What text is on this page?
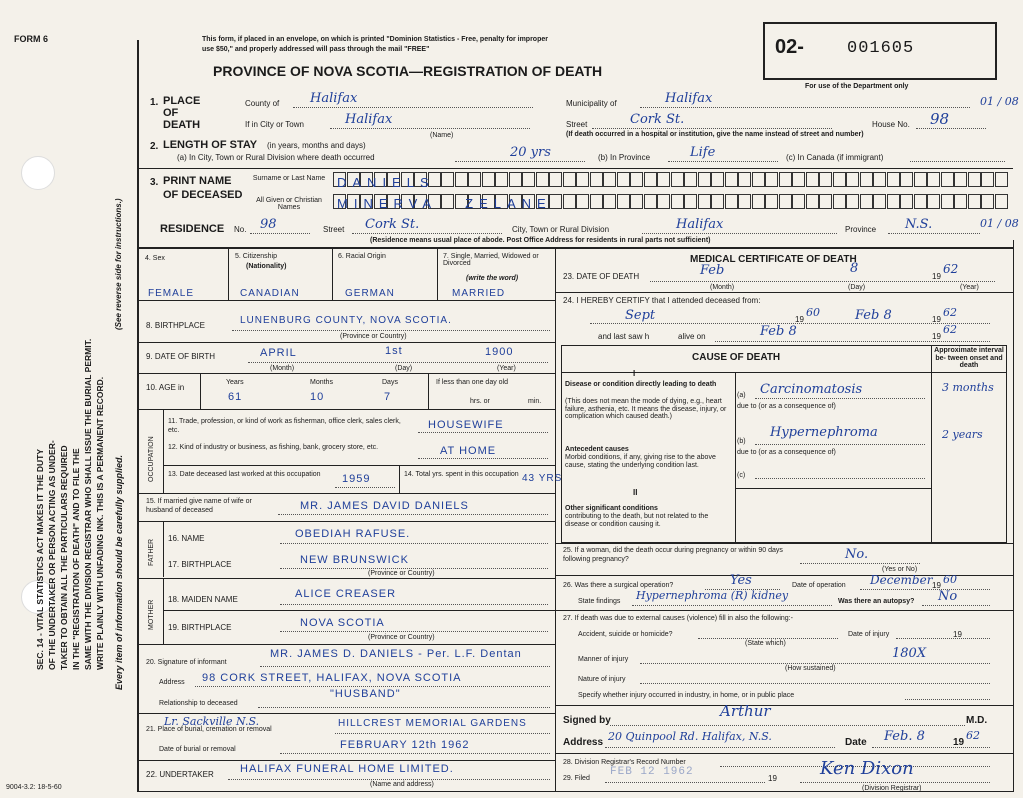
FORM 6
SEC. 14 - VITAL STATISTICS ACT MAKES IT THE DUTY OF THE UNDERTAKER OR PERSON ACTING AS UNDER- TAKER TO OBTAIN ALL THE PARTICULARS REQUIRED IN THE "REGISTRATION OF DEATH" AND TO FILE THE SAME WITH THE DIVISION REGISTRAR WHO SHALL ISSUE THE BURIAL PERMIT. WRITE PLAINLY WITH UNFADING INK. THIS IS A PERMANENT RECORD. Every item of information should be carefully supplied.
(See reverse side for instructions.)
9004-3.2: 18-5-60
This form, if placed in an envelope, on which is printed "Dominion Statistics - Free, penalty for improper
use $50," and properly addressed will pass through the mail "FREE"
PROVINCE OF NOVA SCOTIA—REGISTRATION OF DEATH
02-	001605
For use of the Department only
1. PLACE
OF
DEATH
County of Halifax	Municipality of	Halifax	01 / 08
If in City or Town	Halifax
(Name)
Street	Cork St.	House No. 98
(If death occurred in a hospital or institution, give the name instead of street and number)
2. LENGTH OF STAY (in years, months and days)
(a) In City, Town or Rural Division where death occurred	20 yrs	(b) In Province	Life	(c) In Canada (if immigrant)
3. PRINT NAME
OF DECEASED
Surname or Last Name
All Given or Christian Names
DANIELS
MINERVA   ZELANE
RESIDENCE No. 98	Street Cork St.	City, Town or Rural Division	Halifax	Province N.S.	01 / 08
(Residence means usual place of abode. Post Office Address for residents in rural parts not sufficient)
4. Sex
FEMALE
5. Citizenship
(Nationality)
CANADIAN
6. Racial Origin
GERMAN
7. Single, Married, Widowed or Divorced
(write the word)
MARRIED
8. BIRTHPLACE	LUNENBURG COUNTY, NOVA SCOTIA.
(Province or Country)
9. DATE OF BIRTH	APRIL	1st	1900
(Month)	(Day)	(Year)
10. AGE in
Years
61
Months
10
Days
7
If less than one day old
hrs. or	min.
OCCUPATION
11. Trade, profession, or kind of work as fisherman, office clerk, sales clerk, etc.	HOUSEWIFE
12. Kind of industry or business, as fishing, bank, grocery store, etc.	AT HOME
13. Date deceased last worked at this occupation	1959	14. Total yrs. spent in this occupation 43 YRS
15. If married give name of wife or husband of deceased	MR. JAMES DAVID DANIELS
FATHER
16. NAME	OBEDIAH RAFUSE.
17. BIRTHPLACE	NEW BRUNSWICK
(Province or Country)
MOTHER
18. MAIDEN NAME	ALICE CREASER
19. BIRTHPLACE	NOVA SCOTIA
(Province or Country)
20. Signature of informant
MR. JAMES D. DANIELS - Per. L.F. Dentan
Address 98 CORK STREET, HALIFAX, NOVA SCOTIA
Relationship to deceased
"HUSBAND"
Lr. Sackville N.S.
21. Place of burial, cremation or removal
HILLCREST MEMORIAL GARDENS
Date of burial or removal	FEBRUARY 12th 1962
22. UNDERTAKER HALIFAX FUNERAL HOME LIMITED.
(Name and address)
MEDICAL CERTIFICATE OF DEATH
23. DATE OF DEATH	Feb	8
19
62
(Month)	(Day)	(Year)
24. I HEREBY CERTIFY that I attended deceased from:
Sept	19
60	Feb 8	19
62
and last saw h	alive on	Feb 8	19
62
CAUSE OF DEATH
Approximate interval be- tween onset and death
I
Disease or condition directly leading to death
(This does not mean the mode of dying, e.g., heart failure, asthenia, etc. It means the disease, injury, or complication which caused death.)
(a) Carcinomatosis	3 months
due to (or as a consequence of)
Antecedent causes
Morbid conditions, if any, giving rise to the above cause, stating the underlying condition last.
(b)
Hypernephroma	2 years
due to (or as a consequence of)
(c)
II
Other significant conditions
contributing to the death, but not related to the disease or condition causing it.
25. If a woman, did the death occur during pregnancy or within 90 days following pregnancy?	No.
(Yes or No)
26. Was there a surgical operation?	Yes	Date of operation December 19 60
State findings Hypernephroma (R) kidney	Was there an autopsy? No
27. If death was due to external causes (violence) fill in also the following:-
Accident, suicide or homicide?	Date of injury	19
(State which)
Manner of injury	180X
(How sustained)
Nature of injury
Specify whether injury occurred in industry, in home, or in public place
Signed by
Arthur
M.D.
Address 20 Quinpool Rd. Halifax, N.S.	Date Feb. 8	19
62
28. Division Registrar's Record Number
29. Filed
FEB 12 1962
19 Ken Dixon
(Division Registrar)
